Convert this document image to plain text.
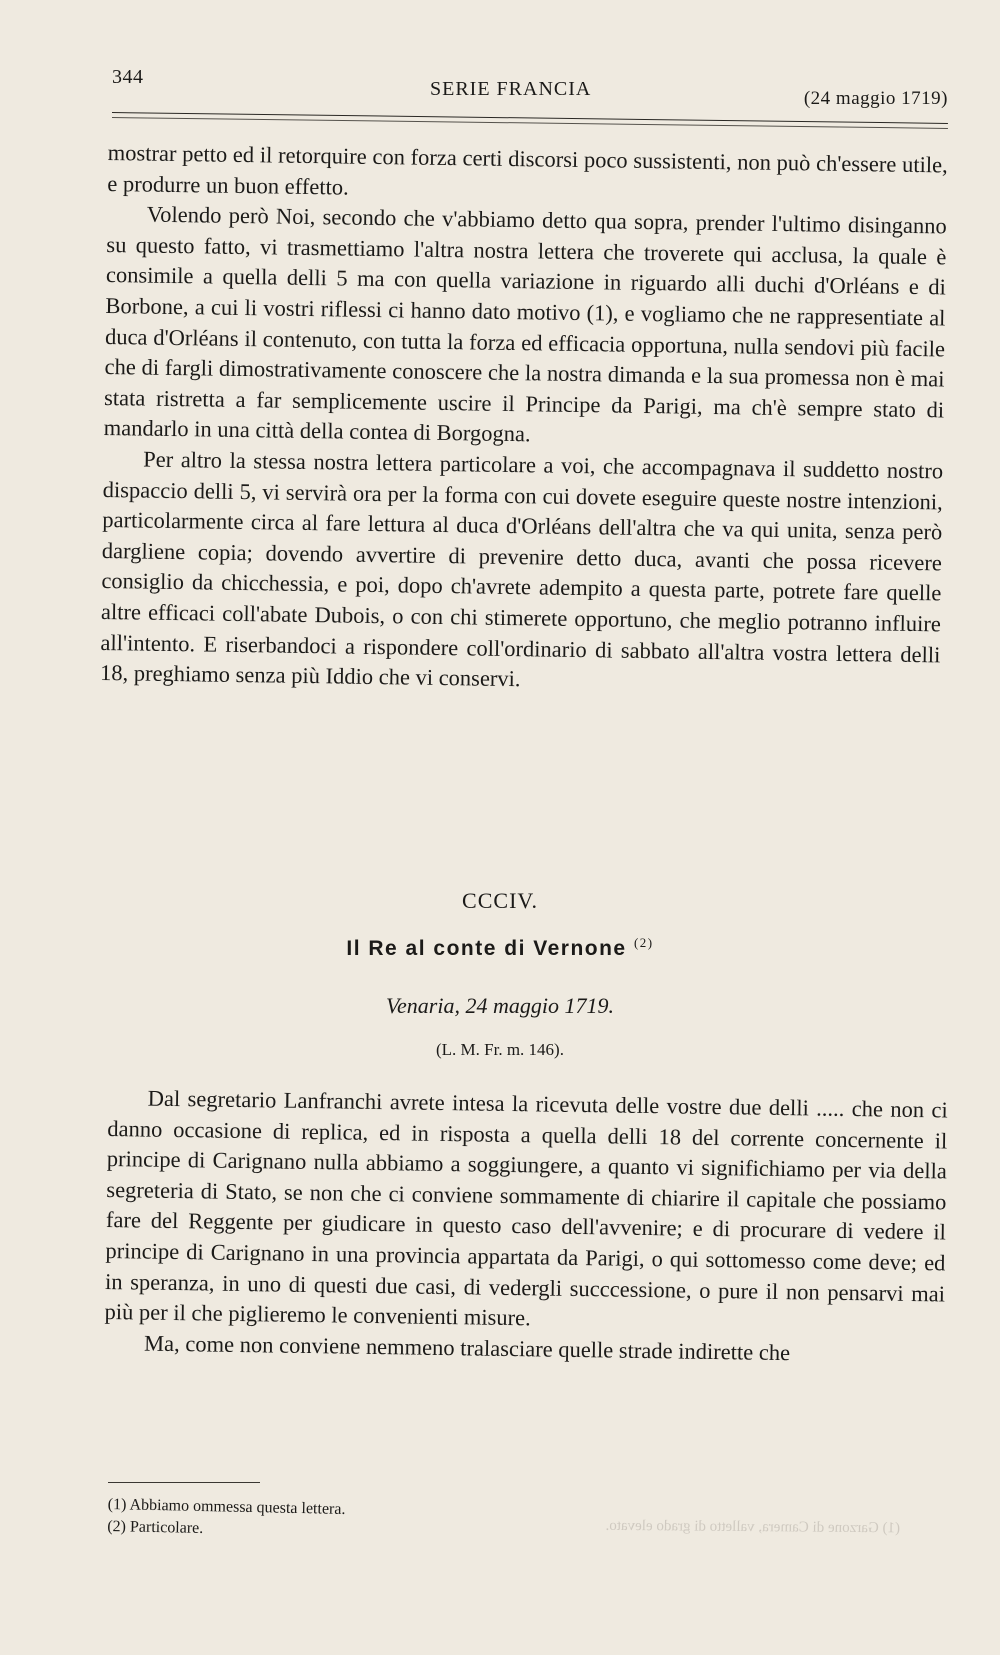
344
SERIE FRANCIA	(24 maggio 1719)

mostrar petto ed il retorquire con forza certi discorsi poco sussistenti, non può ch'essere utile, e produrre un buon effetto.

Volendo però Noi, secondo che v'abbiamo detto qua sopra, prender l'ultimo disinganno su questo fatto, vi trasmettiamo l'altra nostra lettera che troverete qui acclusa, la quale è consimile a quella delli 5 ma con quella variazione in riguardo alli duchi d'Orléans e di Borbone, a cui li vostri riflessi ci hanno dato motivo (1), e vogliamo che ne rappresentiate al duca d'Orléans il contenuto, con tutta la forza ed efficacia opportuna, nulla sendovi più facile che di fargli dimostrativamente conoscere che la nostra dimanda e la sua promessa non è mai stata ristretta a far semplicemente uscire il Principe da Parigi, ma ch'è sempre stato di mandarlo in una città della contea di Borgogna.

Per altro la stessa nostra lettera particolare a voi, che accompagnava il suddetto nostro dispaccio delli 5, vi servirà ora per la forma con cui dovete eseguire queste nostre intenzioni, particolarmente circa al fare lettura al duca d'Orléans dell'altra che va qui unita, senza però dargliene copia; dovendo avvertire di prevenire detto duca, avanti che possa ricevere consiglio da chicchessia, e poi, dopo ch'avrete adempito a questa parte, potrete fare quelle altre efficaci coll'abate Dubois, o con chi stimerete opportuno, che meglio potranno influire all'intento. E riserbandoci a rispondere coll'ordinario di sabbato all'altra vostra lettera delli 18, preghiamo senza più Iddio che vi conservi.

CCCIV.
Il Re al conte di Vernone $^{(2)}$
Venaria, 24 maggio 1719.
(L. M. Fr. m. 146).

Dal segretario Lanfranchi avrete intesa la ricevuta delle vostre due delli ..... che non ci danno occasione di replica, ed in risposta a quella delli 18 del corrente concernente il principe di Carignano nulla abbiamo a soggiungere, a quanto vi significhiamo per via della segreteria di Stato, se non che ci conviene sommamente di chiarire il capitale che possiamo fare del Reggente per giudicare in questo caso dell'avvenire; e di procurare di vedere il principe di Carignano in una provincia appartata da Parigi, o qui sottomesso come deve; ed in speranza, in uno di questi due casi, di vedergli succcessione, o pure il non pensarvi mai più per il che piglieremo le convenienti misure.

Ma, come non conviene nemmeno tralasciare quelle strade indirette che

(1) Abbiamo ommessa questa lettera.
(2) Particolare.	(1) Garzone di Camera, valletto di grado elevato.
